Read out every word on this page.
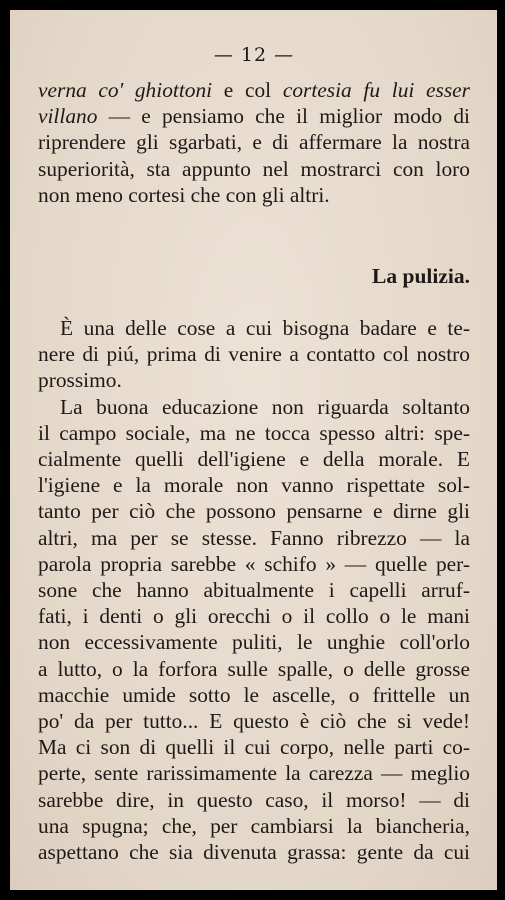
— 12 —

verna co' ghiottoni e col cortesia fu lui esser
villano — e pensiamo che il miglior modo di
riprendere gli sgarbati, e di affermare la nostra
superiorità, sta appunto nel mostrarci con loro
non meno cortesi che con gli altri.

La pulizia.

È una delle cose a cui bisogna badare e te-
nere di piú, prima di venire a contatto col nostro
prossimo.

La buona educazione non riguarda soltanto
il campo sociale, ma ne tocca spesso altri: spe-
cialmente quelli dell'igiene e della morale. E
l'igiene e la morale non vanno rispettate sol-
tanto per ciò che possono pensarne e dirne gli
altri, ma per se stesse. Fanno ribrezzo — la
parola propria sarebbe « schifo » — quelle per-
sone che hanno abitualmente i capelli arruf-
fati, i denti o gli orecchi o il collo o le mani
non eccessivamente puliti, le unghie coll'orlo
a lutto, o la forfora sulle spalle, o delle grosse
macchie umide sotto le ascelle, o frittelle un
po' da per tutto... E questo è ciò che si vede!
Ma ci son di quelli il cui corpo, nelle parti co-
perte, sente rarissimamente la carezza — meglio
sarebbe dire, in questo caso, il morso! — di
una spugna; che, per cambiarsi la biancheria,
aspettano che sia divenuta grassa: gente da cui
